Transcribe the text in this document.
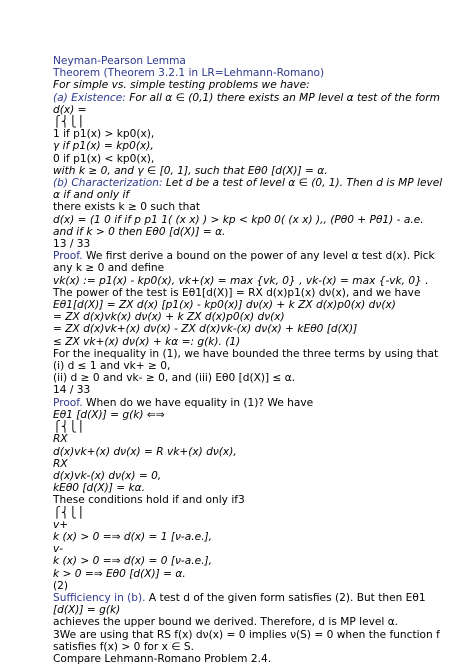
Neyman-Pearson Lemma
Theorem (Theorem 3.2.1 in LR=Lehmann-Romano)
For simple vs. simple testing problems we have:
(a) Existence: For all α ∈ (0,1) there exists an MP level α test of the form
d(x) =
⎧⎨⎩⎪
1 if p1(x) > kp0(x),
γ if p1(x) = kp0(x),
0 if p1(x) < kp0(x),
with k ≥ 0, and γ ∈ [0, 1], such that Eθ0 [d(X)] = α.
(b) Characterization: Let d be a test of level α ∈ (0, 1). Then d is MP level
α if and only if
there exists k ≥ 0 such that
d(x) = (1 0 if if p p1 1( (x x) ) > kp < kp0 0( (x x) ),, (Pθ0 + Pθ1) - a.e.
and if k > 0 then Eθ0 [d(X)] = α.
13 / 33
Proof. We first derive a bound on the power of any level α test d(x). Pick
any k ≥ 0 and define
vk(x) := p1(x) - kp0(x), vk+(x) = max {vk, 0} , vk-(x) = max {-vk, 0} .
The power of the test is Eθ1[d(X)] = RX d(x)p1(x) dν(x), and we have
Eθ1[d(X)] = ZX d(x) [p1(x) - kp0(x)] dν(x) + k ZX d(x)p0(x) dν(x)
= ZX d(x)vk(x) dν(x) + k ZX d(x)p0(x) dν(x)
= ZX d(x)vk+(x) dν(x) - ZX d(x)vk-(x) dν(x) + kEθ0 [d(X)]
≤ ZX vk+(x) dν(x) + kα =: g(k). (1)
For the inequality in (1), we have bounded the three terms by using that
(i) d ≤ 1 and vk+ ≥ 0,
(ii) d ≥ 0 and vk- ≥ 0, and (iii) Eθ0 [d(X)] ≤ α.
14 / 33
Proof. When do we have equality in (1)? We have
Eθ1 [d(X)] = g(k) ⇐⇒
⎧⎨⎩⎪
RX
d(x)vk+(x) dν(x) = R vk+(x) dν(x),
RX
d(x)vk-(x) dν(x) = 0,
kEθ0 [d(X)] = kα.
These conditions hold if and only if3
⎧⎨⎩⎪
v+
k (x) > 0 =⇒ d(x) = 1 [ν-a.e.],
v-
k (x) > 0 =⇒ d(x) = 0 [ν-a.e.],
k > 0 =⇒ Eθ0 [d(X)] = α.
(2)
Sufficiency in (b). A test d of the given form satisfies (2). But then Eθ1
[d(X)] = g(k)
achieves the upper bound we derived. Therefore, d is MP level α.
3We are using that RS f(x) dν(x) = 0 implies ν(S) = 0 when the function f
satisfies f(x) > 0 for x ∈ S.
Compare Lehmann-Romano Problem 2.4.
